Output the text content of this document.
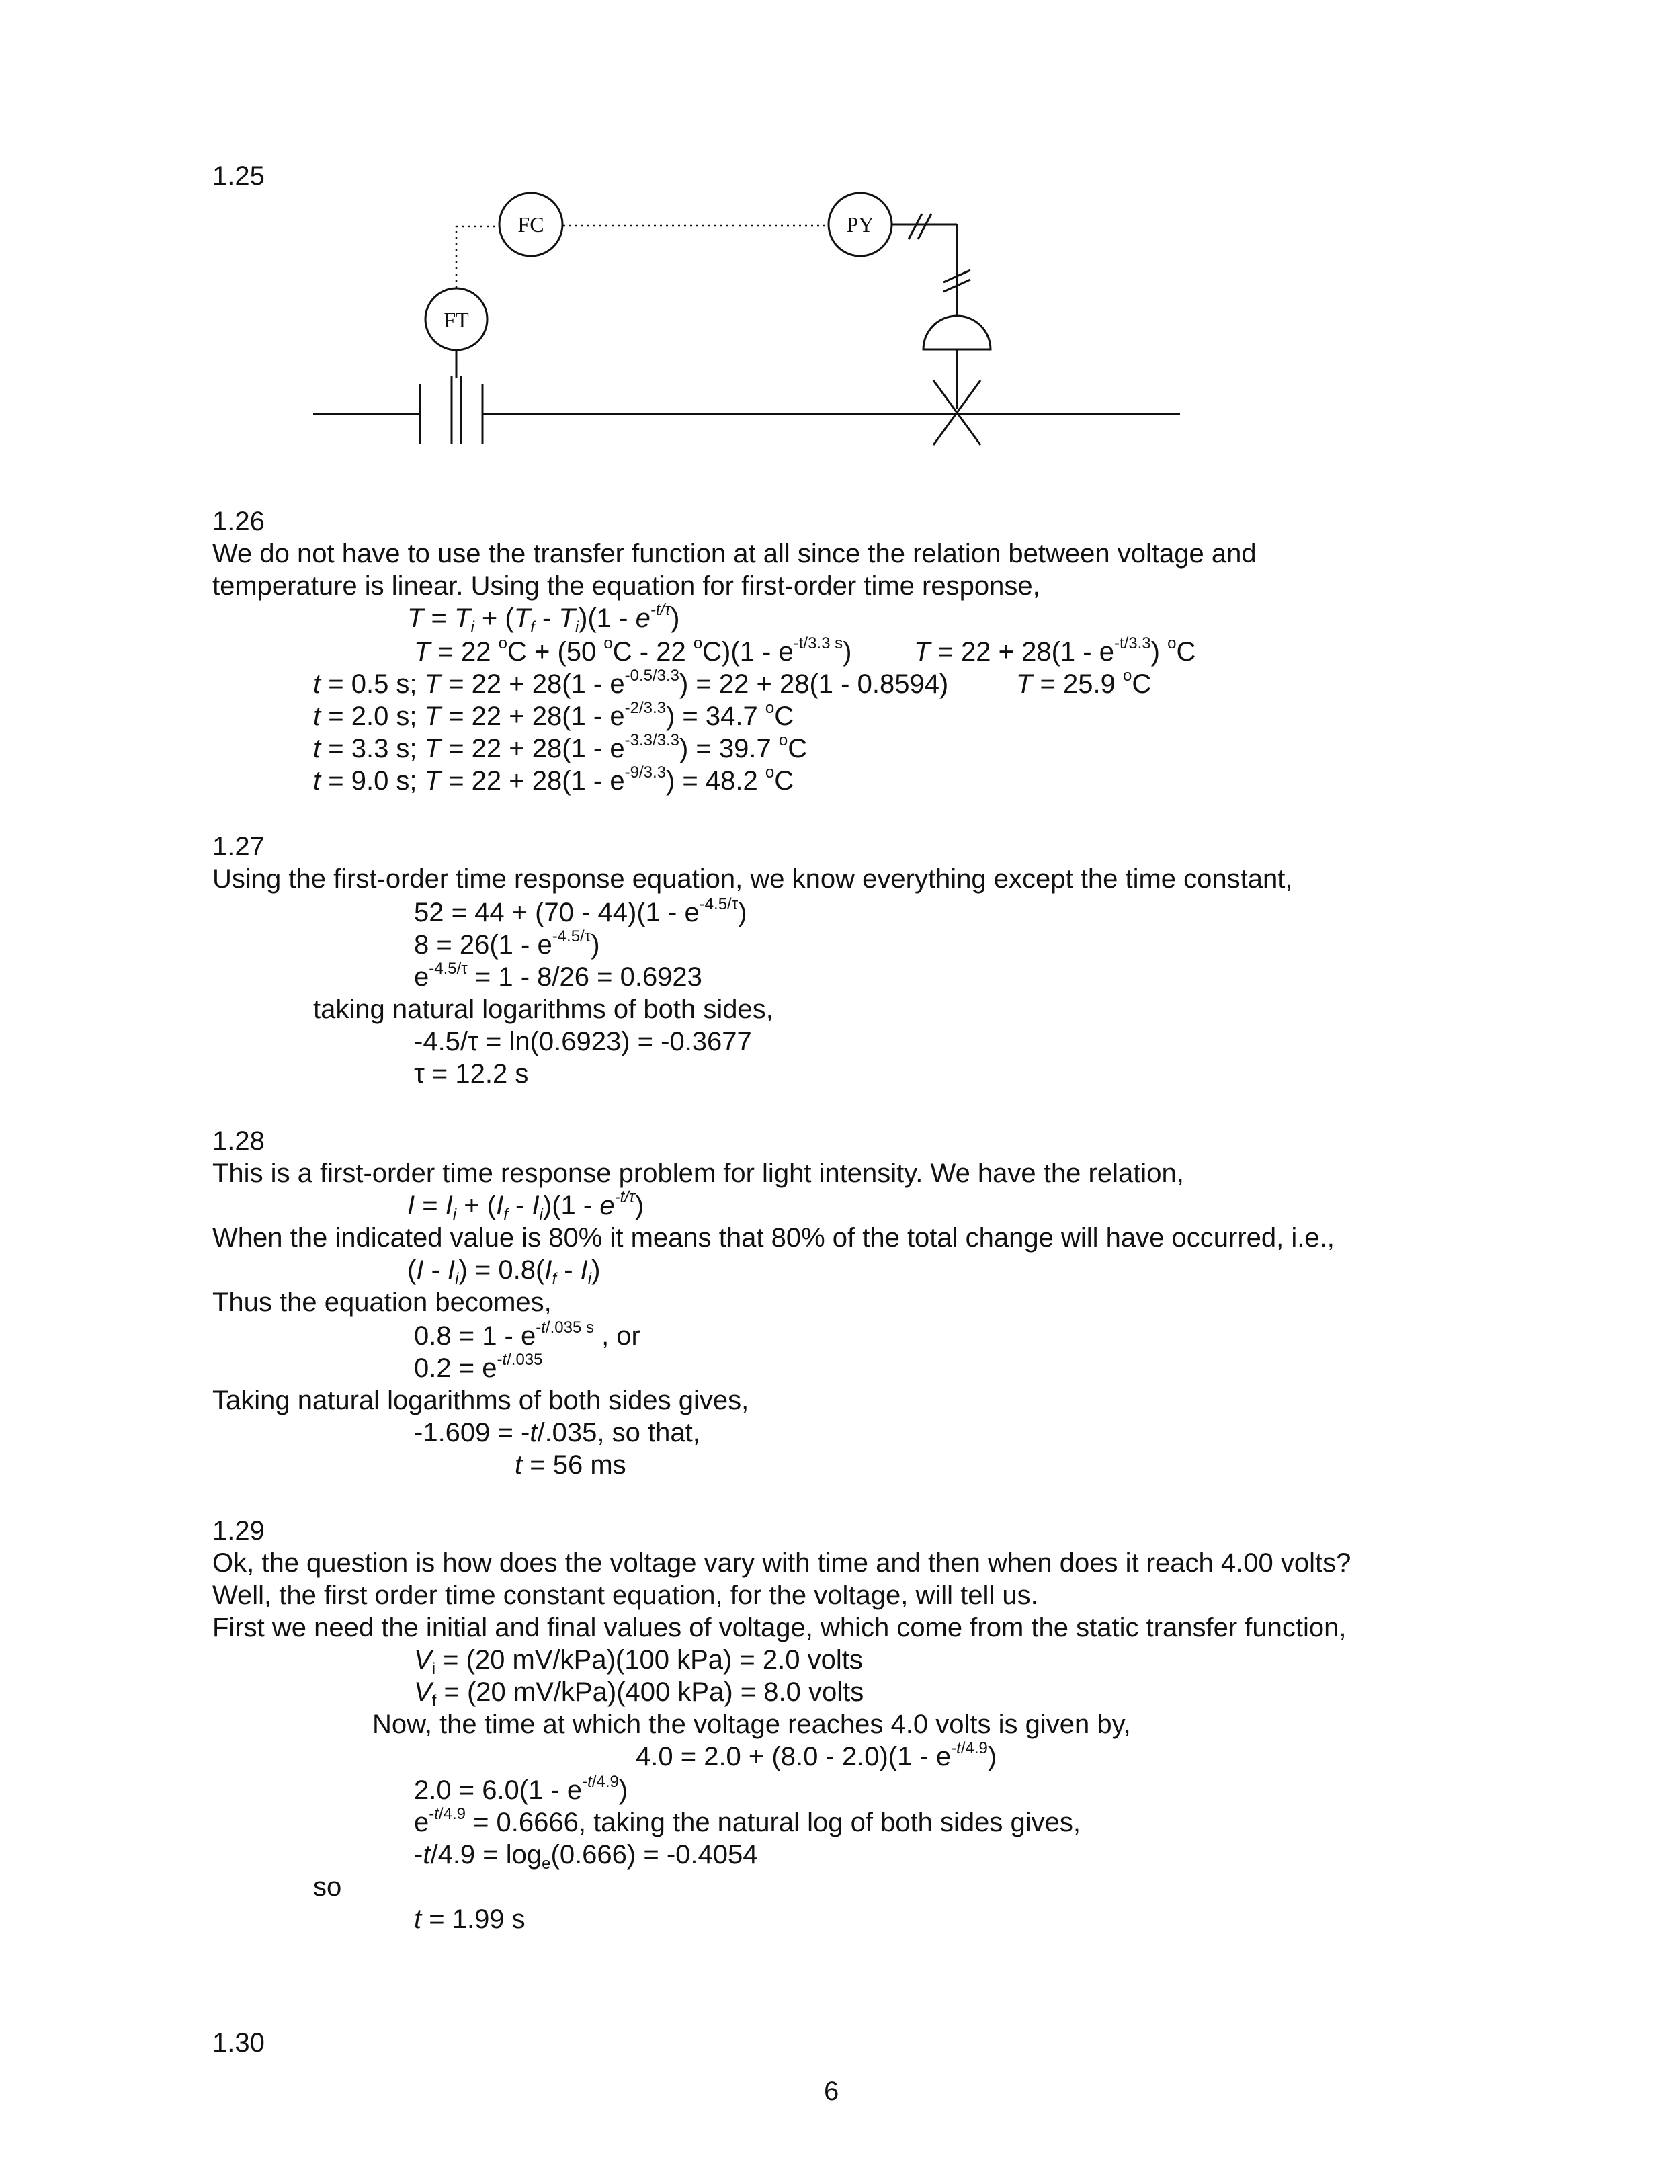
1.25
FT
FC	PY
1.26
We do not have to use the transfer function at all since the relation between voltage and
temperature is linear. Using the equation for first-order time response,
$T = T_i + (T_f - T_i)(1 - e^{-t/\tau})$
T = 22 $^o$C + (50 $^o$C - 22 $^oC)(1 - e^{-t/3.3 s})$ $T = 22 + 28(1 - e^{-t/3.3})$ $^o$C
t = 0.5 s; $T = 22 + 28(1 - e^{-0.5/3.3}) = 22 + 28(1 - 0.8594)$	T = 25.9 $^o$C
t = 2.0 s; $T = 22 + 28(1 - e^{-2/3.3}) = 34.7$ $^o$C
t = 3.3 s; $T = 22 + 28(1 - e^{-3.3/3.3}) = 39.7$ $^o$C
t = 9.0 s; $T = 22 + 28(1 - e^{-9/3.3}) = 48.2$ $^o$C
1.27
Using the first-order time response equation, we know everything except the time constant,
$52 = 44 + (70 - 44)(1 - e^{-4.5/\tau})$
$8 = 26(1 - e^{-4.5/\tau})$
$e^{-4.5/\tau} = 1 - 8/26 = 0.6923$
taking natural logarithms of both sides,
-4.5/τ = ln(0.6923) = -0.3677
τ = 12.2 s
1.28
This is a first-order time response problem for light intensity. We have the relation,
$I = I_i + (I_f - I_i)(1 - e^{-t/\tau})$
When the indicated value is 80% it means that 80% of the total change will have occurred, i.e.,
$(I - I_i) = 0.8(I_f - I_i)$
Thus the equation becomes,
$0.8 = 1 - e^{-t/.035 s}$ , or
$0.2 = e^{-t/.035}$
Taking natural logarithms of both sides gives,
-1.609 = -t/.035, so that,
t = 56 ms
1.29
Ok, the question is how does the voltage vary with time and then when does it reach 4.00 volts?
Well, the first order time constant equation, for the voltage, will tell us.
First we need the initial and final values of voltage, which come from the static transfer function,
$V_i = (20$ mV/kPa)(100 kPa) = 2.0 volts
$V_f = (20$ mV/kPa)(400 kPa) = 8.0 volts
Now, the time at which the voltage reaches 4.0 volts is given by,
$4.0 = 2.0 + (8.0 - 2.0)(1 - e^{-t/4.9})$
$2.0 = 6.0(1 - e^{-t/4.9})$
$e^{-t/4.9} = 0.6666$, taking the natural log of both sides gives,
$-t/4.9 = \log_e(0.666) = -0.4054$
so
t = 1.99 s
1.30
6
